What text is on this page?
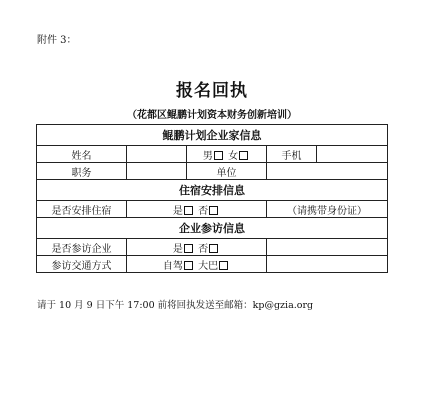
附件 3：
报名回执
（花都区鲲鹏计划资本财务创新培训）
鲲鹏计划企业家信息				
姓名		男 女	手机	
职务		单位		
住宿安排信息				
是否安排住宿	是 否		（请携带身份证）	
企业参访信息				
是否参访企业	是 否			
参访交通方式	自驾 大巴			
请于 10 月 9 日下午 17:00 前将回执发送至邮箱：kp@gzia.org
